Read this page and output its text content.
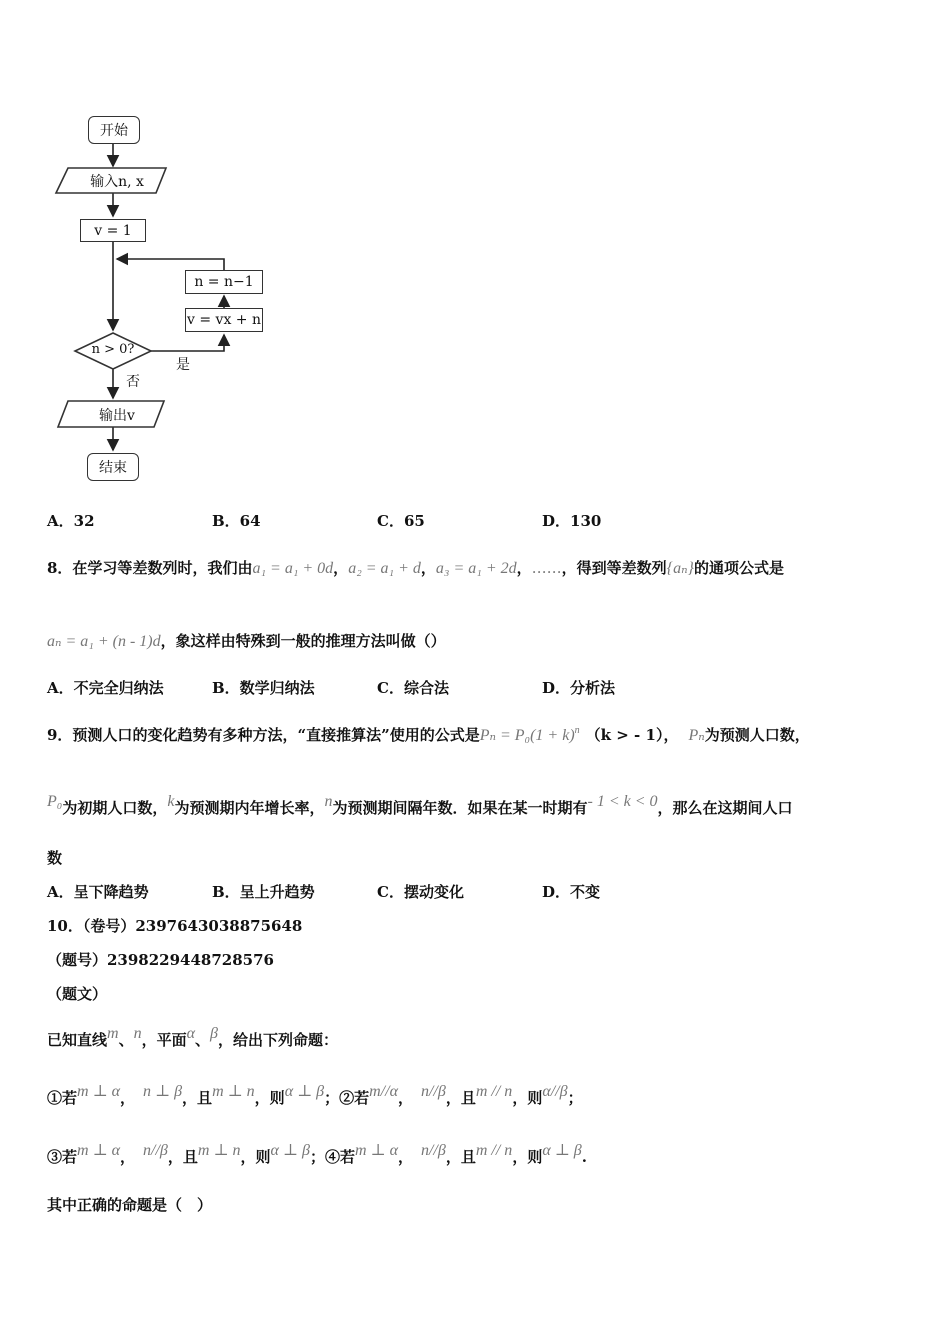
开始
输入n, x
v = 1
n = n−1
v = vx + n
n > 0?
是
否
输出v
结束
A．32	B．64	C．65	D．130
8．在学习等差数列时，我们由a₁ = a₁ + 0d，a₂ = a₁ + d，a₃ = a₁ + 2d，……，得到等差数列{aₙ}的通项公式是
aₙ = a₁ + (n - 1)d，象这样由特殊到一般的推理方法叫做（）
A．不完全归纳法	B．数学归纳法	C．综合法	D．分析法
9．预测人口的变化趋势有多种方法，“直接推算法”使用的公式是$P_n = P_0(1 + k)^n$ （k > - 1）， Pₙ为预测人口数，
P₀为初期人口数，k为预测期内年增长率，n为预测期间隔年数．如果在某一时期有- 1 < k < 0，那么在这期间人口
数
A．呈下降趋势	B．呈上升趋势	C．摆动变化	D．不变
10．（卷号）2397643038875648
（题号）2398229448728576
（题文）
已知直线m、n，平面α、β，给出下列命题：
①若m ⊥ α， n ⊥ β，且m ⊥ n，则α ⊥ β；②若m//α， n//β，且m // n，则α//β；
③若m ⊥ α， n//β，且m ⊥ n，则α ⊥ β；④若m ⊥ α， n//β，且m // n，则α ⊥ β.
其中正确的命题是（　）
